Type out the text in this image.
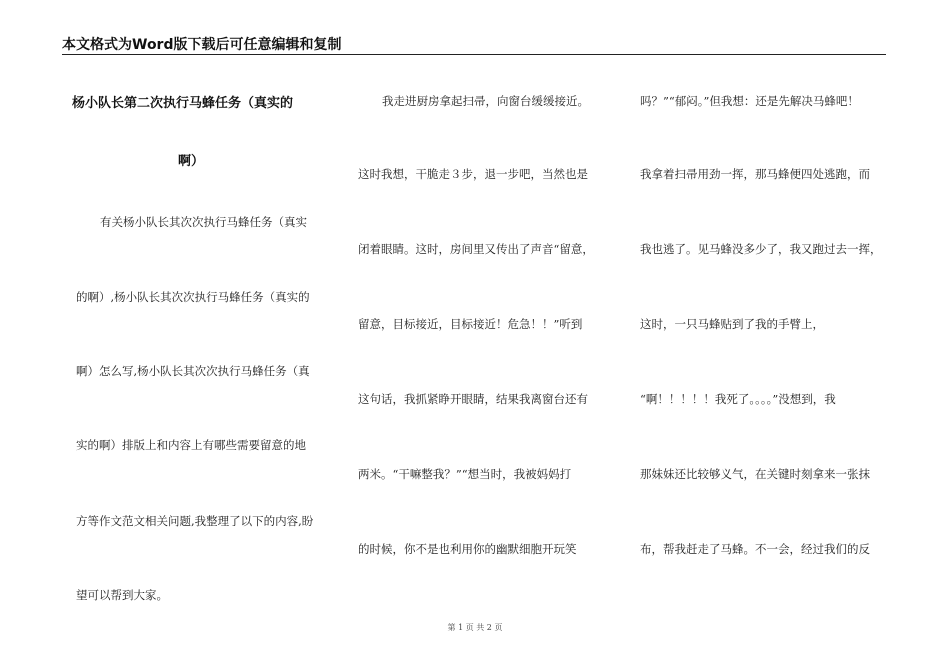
本文格式为Word版下载后可任意编辑和复制
杨小队长第二次执行马蜂任务（真实的
啊）
有关杨小队长其次次执行马蜂任务（真实
的啊）,杨小队长其次次执行马蜂任务（真实的
啊）怎么写,杨小队长其次次执行马蜂任务（真
实的啊）排版上和内容上有哪些需要留意的地
方等作文范文相关问题,我整理了以下的内容,盼
望可以帮到大家。
我走进厨房拿起扫帚，向窗台缓缓接近。
这时我想，干脆走３步，退一步吧，当然也是
闭着眼睛。这时，房间里又传出了声音“留意，
留意，目标接近，目标接近！危急！！”听到
这句话，我抓紧睁开眼睛，结果我离窗台还有
两米。“干嘛整我？”“想当时，我被妈妈打
的时候，你不是也利用你的幽默细胞开玩笑
吗？”“郁闷。”但我想：还是先解决马蜂吧！
我拿着扫帚用劲一挥，那马蜂便四处逃跑，而
我也逃了。见马蜂没多少了，我又跑过去一挥，
这时，一只马蜂贴到了我的手臂上，
“啊！！！！！我死了。。。。”没想到，我
那妹妹还比较够义气，在关键时刻拿来一张抹
布，帮我赶走了马蜂。不一会，经过我们的反
第 1 页 共 2 页
